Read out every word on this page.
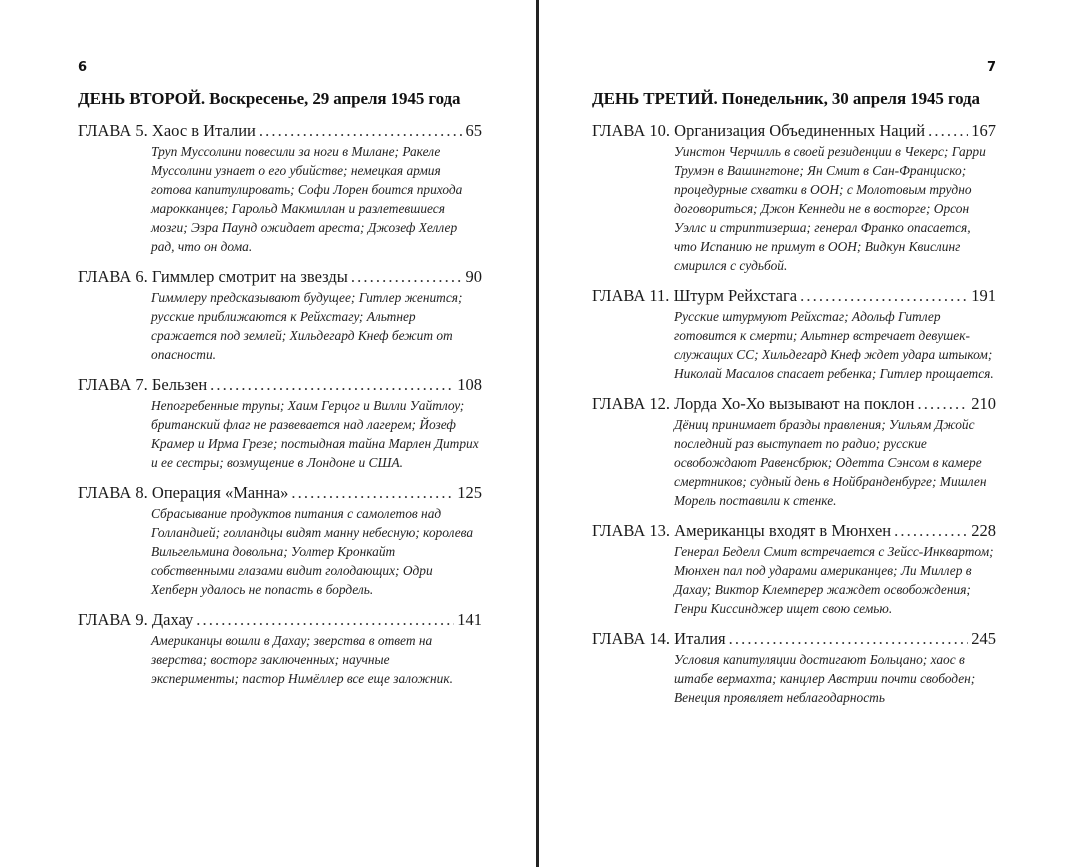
6
ДЕНЬ ВТОРОЙ. Воскресенье, 29 апреля 1945 года
ГЛАВА 5.
Хаос в Италии . . .	65
Труп Муссолини повесили за ноги в Милане; Ракеле Муссолини узнает о его убийстве; немецкая армия готова капитулировать; Софи Лорен боится прихода марокканцев; Гарольд Макмиллан и разлетевшиеся мозги; Эзра Паунд ожидает ареста; Джозеф Хеллер рад, что он дома.
ГЛАВА 6.
Гиммлер смотрит на звезды . . .	90
Гиммлеру предсказывают будущее; Гитлер женится; русские приближаются к Рейхстагу; Альтнер сражается под землей; Хильдегард Кнеф бежит от опасности.
ГЛАВА 7.
Бельзен . . .	108
Непогребенные трупы; Хаим Герцог и Вилли Уайтлоу; британский флаг не развевается над лагерем; Йозеф Крамер и Ирма Грезе; постыдная тайна Марлен Дитрих и ее сестры; возмущение в Лондоне и США.
ГЛАВА 8.
Операция «Манна» . . .	125
Сбрасывание продуктов питания с самолетов над Голландией; голландцы видят манну небесную; королева Вильгельмина довольна; Уолтер Кронкайт собственными глазами видит голодающих; Одри Хепберн удалось не попасть в бордель.
ГЛАВА 9.
Дахау . . .	141
Американцы вошли в Дахау; зверства в ответ на зверства; восторг заключенных; научные эксперименты; пастор Нимёллер все еще заложник.
7
ДЕНЬ ТРЕТИЙ. Понедельник, 30 апреля 1945 года
ГЛАВА 10.
Организация Объединенных Наций . . .	167
Уинстон Черчилль в своей резиденции в Чекерс; Гарри Трумэн в Вашингтоне; Ян Смит в Сан-Франциско; процедурные схватки в ООН; с Молотовым трудно договориться; Джон Кеннеди не в восторге; Орсон Уэллс и стриптизерша; генерал Франко опасается, что Испанию не примут в ООН; Видкун Квислинг смирился с судьбой.
ГЛАВА 11.
Штурм Рейхстага . . .	191
Русские штурмуют Рейхстаг; Адольф Гитлер готовится к смерти; Альтнер встречает девушек-служащих СС; Хильдегард Кнеф ждет удара штыком; Николай Масалов спасает ребенка; Гитлер прощается.
ГЛАВА 12.
Лорда Хо-Хо вызывают на поклон . . .	210
Дёниц принимает бразды правления; Уильям Джойс последний раз выступает по радио; русские освобождают Равенсбрюк; Одетта Сэнсом в камере смертников; судный день в Нойбранденбурге; Мишлен Морель поставили к стенке.
ГЛАВА 13.
Американцы входят в Мюнхен . . .	228
Генерал Беделл Смит встречается с Зейсс-Инквартом; Мюнхен пал под ударами американцев; Ли Миллер в Дахау; Виктор Клемперер жаждет освобождения; Генри Киссинджер ищет свою семью.
ГЛАВА 14.
Италия . . .	245
Условия капитуляции достигают Больцано; хаос в штабе вермахта; канцлер Австрии почти свободен; Венеция проявляет неблагодарность
